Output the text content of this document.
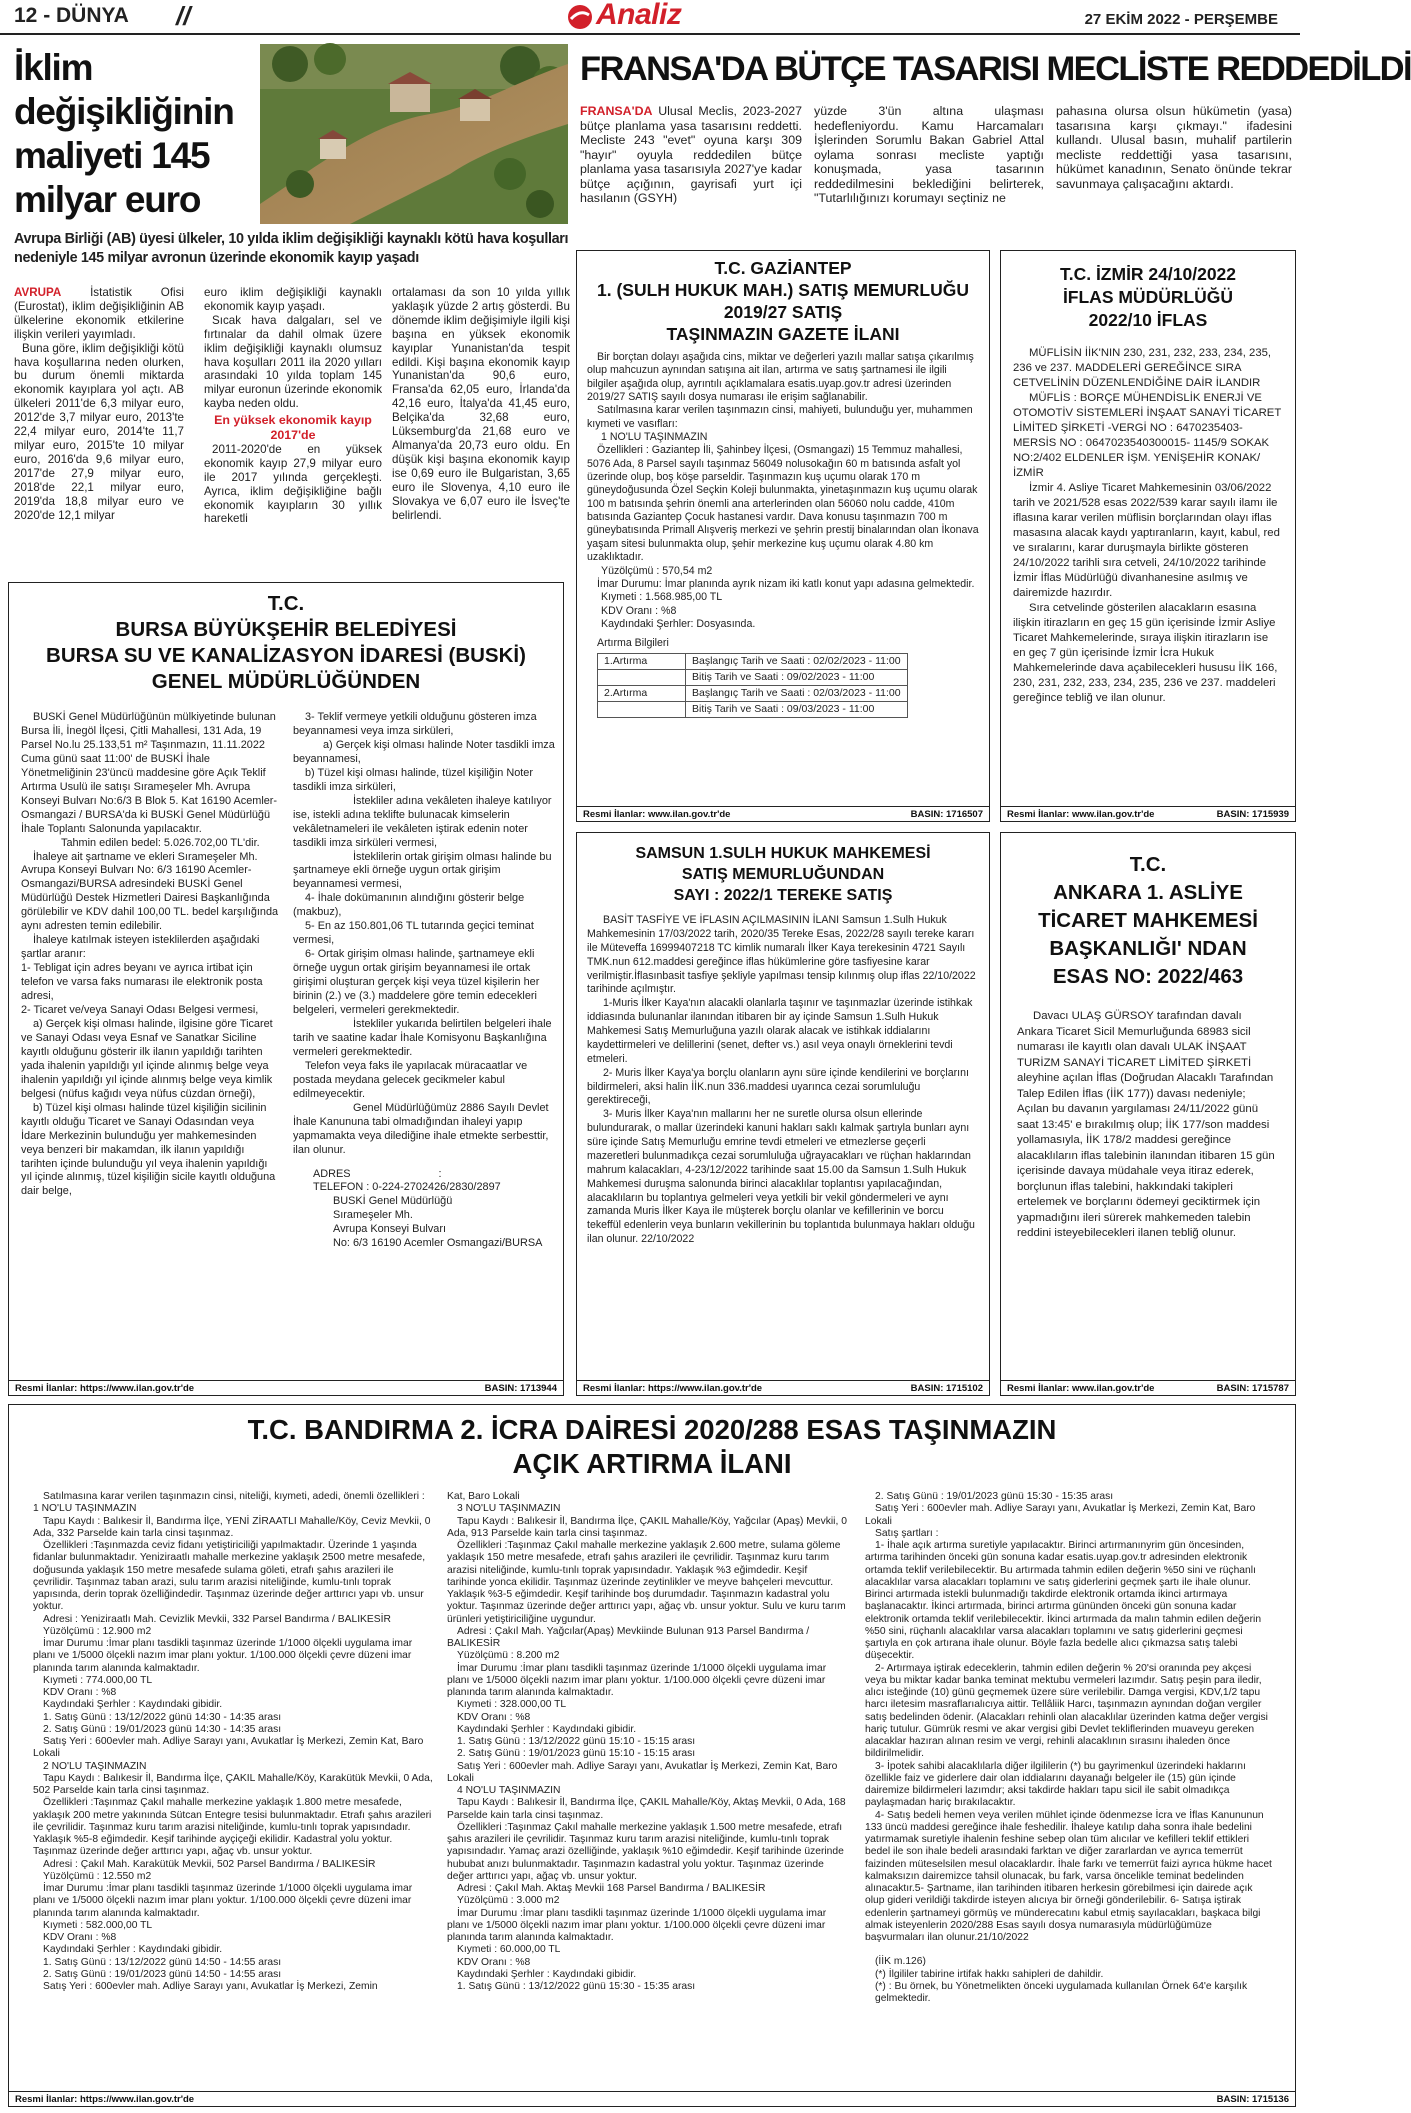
12 - DÜNYA //	Analiz	27 EKİM 2022 - PERŞEMBE
İklim değişikliğinin maliyeti 145 milyar euro
Avrupa Birliği (AB) üyesi ülkeler, 10 yılda iklim değişikliği kaynaklı kötü hava koşulları nedeniyle 145 milyar avronun üzerinde ekonomik kayıp yaşadı

AVRUPA İstatistik Ofisi (Eurostat), iklim değişikliğinin AB ülkelerine ekonomik etkilerine ilişkin verileri yayımladı.

Buna göre, iklim değişikliği kötü hava koşullarına neden olurken, bu durum önemli miktarda ekonomik kayıplara yol açtı. AB ülkeleri 2011'de 6,3 milyar euro, 2012'de 3,7 milyar euro, 2013'te 22,4 milyar euro, 2014'te 11,7 milyar euro, 2015'te 10 milyar euro, 2016'da 9,6 milyar euro, 2017'de 27,9 milyar euro, 2018'de 22,1 milyar euro, 2019'da 18,8 milyar euro ve 2020'de 12,1 milyar

euro iklim değişikliği kaynaklı ekonomik kayıp yaşadı.

Sıcak hava dalgaları, sel ve fırtınalar da dahil olmak üzere iklim değişikliği kaynaklı olumsuz hava koşulları 2011 ila 2020 yılları arasındaki 10 yılda toplam 145 milyar euronun üzerinde ekonomik kayba neden oldu.

En yüksek ekonomik kayıp 2017'de

2011-2020'de en yüksek ekonomik kayıp 27,9 milyar euro ile 2017 yılında gerçekleşti. Ayrıca, iklim değişikliğine bağlı ekonomik kayıpların 30 yıllık hareketli

ortalaması da son 10 yılda yıllık yaklaşık yüzde 2 artış gösterdi. Bu dönemde iklim değişimiyle ilgili kişi başına en yüksek ekonomik kayıplar Yunanistan'da tespit edildi. Kişi başına ekonomik kayıp Yunanistan'da 90,6 euro, Fransa'da 62,05 euro, İrlanda'da 42,16 euro, İtalya'da 41,45 euro, Belçika'da 32,68 euro, Lüksemburg'da 21,68 euro ve Almanya'da 20,73 euro oldu. En düşük kişi başına ekonomik kayıp ise 0,69 euro ile Bulgaristan, 3,65 euro ile Slovenya, 4,10 euro ile Slovakya ve 6,07 euro ile İsveç'te belirlendi.

FRANSA'DA BÜTÇE TASARISI MECLİSTE REDDEDİLDİ

FRANSA'DA Ulusal Meclis, 2023-2027 bütçe planlama yasa tasarısını reddetti. Mecliste 243 "evet" oyuna karşı 309 "hayır" oyuyla reddedilen bütçe planlama yasa tasarısıyla 2027'ye kadar bütçe açığının, gayrisafi yurt içi hasılanın (GSYH)

yüzde 3'ün altına ulaşması hedefleniyordu. Kamu Harcamaları İşlerinden Sorumlu Bakan Gabriel Attal oylama sonrası mecliste yaptığı konuşmada, yasa tasarının reddedilmesini beklediğini belirterek, "Tutarlılığınızı korumayı seçtiniz ne

pahasına olursa olsun hükümetin (yasa) tasarısına karşı çıkmayı." ifadesini kullandı. Ulusal basın, muhalif partilerin mecliste reddettiği yasa tasarısını, hükümet kanadının, Senato önünde tekrar savunmaya çalışacağını aktardı.

T.C. GAZİANTEP
1. (SULH HUKUK MAH.) SATIŞ MEMURLUĞU
2019/27 SATIŞ
TAŞINMAZIN GAZETE İLANI

Bir borçtan dolayı aşağıda cins, miktar ve değerleri yazılı mallar satışa çıkarılmış olup mahcuzun aynından satışına ait ilan, artırma ve satış şartnamesi ile ilgili bilgiler aşağıda olup, ayrıntılı açıklamalara esatis.uyap.gov.tr adresi üzerinden 2019/27 SATIŞ sayılı dosya numarası ile erişim sağlanabilir.

Satılmasına karar verilen taşınmazın cinsi, mahiyeti, bulunduğu yer, muhammen kıymeti ve vasıfları:

1 NO'LU TAŞINMAZIN

Özellikleri : Gaziantep İli, Şahinbey İlçesi, (Osmangazi) 15 Temmuz mahallesi, 5076 Ada, 8 Parsel sayılı taşınmaz 56049 nolusokağın 60 m batısında asfalt yol üzerinde olup, boş köşe parseldir. Taşınmazın kuş uçumu olarak 170 m güneydoğusunda Özel Seçkin Koleji bulunmakta, yinetaşınmazın kuş uçumu olarak 100 m batısında şehrin önemli ana arterlerinden olan 56060 nolu cadde, 410m batısında Gaziantep Çocuk hastanesi vardır. Dava konusu taşınmazın 700 m güneybatısında Primall Alışveriş merkezi ve şehrin prestij binalarından olan İkonava yaşam sitesi bulunmakta olup, şehir merkezine kuş uçumu olarak 4.80 km uzaklıktadır.

Yüzölçümü : 570,54 m2

İmar Durumu: İmar planında ayrık nizam iki katlı konut yapı adasına gelmektedir.

Kıymeti : 1.568.985,00 TL

KDV Oranı : %8

Kaydındaki Şerhler: Dosyasında.

Artırma Bilgileri

1.Artırma	Başlangıç Tarih ve Saati : 02/02/2023 - 11:00
	Bitiş Tarih ve Saati : 09/02/2023 - 11:00
2.Artırma	Başlangıç Tarih ve Saati : 02/03/2023 - 11:00
	Bitiş Tarih ve Saati : 09/03/2023 - 11:00
Resmi İlanlar: www.ilan.gov.tr'de	BASIN: 1716507
T.C. İZMİR 24/10/2022
İFLAS MÜDÜRLÜĞÜ
2022/10 İFLAS

MÜFLİSİN İİK'NIN 230, 231, 232, 233, 234, 235, 236 ve 237. MADDELERİ GEREĞİNCE SIRA CETVELİNİN DÜZENLENDİĞİNE DAİR İLANDIR

MÜFLİS : BORÇE MÜHENDİSLİK ENERJİ VE OTOMOTİV SİSTEMLERİ İNŞAAT SANAYİ TİCARET LİMİTED ŞİRKETİ -VERGİ NO : 6470235403- MERSİS NO : 0647023540300015- 1145/9 SOKAK NO:2/402 ELDENLER İŞM. YENİŞEHİR KONAK/İZMİR

İzmir 4. Asliye Ticaret Mahkemesinin 03/06/2022 tarih ve 2021/528 esas 2022/539 karar sayılı ilamı ile iflasına karar verilen müflisin borçlarından olayı iflas masasına alacak kaydı yaptıranların, kayıt, kabul, red ve sıralarını, karar duruşmayla birlikte gösteren 24/10/2022 tarihli sıra cetveli, 24/10/2022 tarihinde İzmir İflas Müdürlüğü divanhanesine asılmış ve dairemizde hazırdır.

Sıra cetvelinde gösterilen alacakların esasına ilişkin itirazların en geç 15 gün içerisinde İzmir Asliye Ticaret Mahkemelerinde, sıraya ilişkin itirazların ise en geç 7 gün içerisinde İzmir İcra Hukuk Mahkemelerinde dava açabilecekleri hususu İİK 166, 230, 231, 232, 233, 234, 235, 236 ve 237. maddeleri gereğince tebliğ ve ilan olunur.

Resmi İlanlar: www.ilan.gov.tr'de	BASIN: 1715939
T.C.
BURSA BÜYÜKŞEHİR BELEDİYESİ
BURSA SU VE KANALİZASYON İDARESİ (BUSKİ)
GENEL MÜDÜRLÜĞÜNDEN

BUSKİ Genel Müdürlüğünün mülkiyetinde bulunan Bursa İli, İnegöl İlçesi, Çitli Mahallesi, 131 Ada, 19 Parsel No.lu 25.133,51 m² Taşınmazın, 11.11.2022 Cuma günü saat 11:00' de BUSKİ İhale Yönetmeliğinin 23'üncü maddesine göre Açık Teklif Artırma Usulü ile satışı Sırameşeler Mh. Avrupa Konseyi Bulvarı No:6/3 B Blok 5. Kat 16190 Acemler-Osmangazi / BURSA'da ki BUSKİ Genel Müdürlüğü İhale Toplantı Salonunda yapılacaktır.

Tahmin edilen bedel: 5.026.702,00 TL'dir.

İhaleye ait şartname ve ekleri Sırameşeler Mh. Avrupa Konseyi Bulvarı No: 6/3 16190 Acemler-Osmangazi/BURSA adresindeki BUSKİ Genel Müdürlüğü Destek Hizmetleri Dairesi Başkanlığında görülebilir ve KDV dahil 100,00 TL. bedel karşılığında aynı adresten temin edilebilir.

İhaleye katılmak isteyen isteklilerden aşağıdaki şartlar aranır:

1- Tebligat için adres beyanı ve ayrıca irtibat için telefon ve varsa faks numarası ile elektronik posta adresi,

2- Ticaret ve/veya Sanayi Odası Belgesi vermesi,

a) Gerçek kişi olması halinde, ilgisine göre Ticaret ve Sanayi Odası veya Esnaf ve Sanatkar Siciline kayıtlı olduğunu gösterir ilk ilanın yapıldığı tarihten yada ihalenin yapıldığı yıl içinde alınmış belge veya ihalenin yapıldığı yıl içinde alınmış belge veya kimlik belgesi (nüfus kağıdı veya nüfus cüzdan örneği),

b) Tüzel kişi olması halinde tüzel kişiliğin sicilinin kayıtlı olduğu Ticaret ve Sanayi Odasından veya İdare Merkezinin bulunduğu yer mahkemesinden veya benzeri bir makamdan, ilk ilanın yapıldığı tarihten içinde bulunduğu yıl veya ihalenin yapıldığı yıl içinde alınmış, tüzel kişiliğin sicile kayıtlı olduğuna dair belge,

3- Teklif vermeye yetkili olduğunu gösteren imza beyannamesi veya imza sirküleri,

a) Gerçek kişi olması halinde Noter tasdikli imza beyannamesi,

b) Tüzel kişi olması halinde, tüzel kişiliğin Noter tasdikli imza sirküleri,

İstekliler adına vekâleten ihaleye katılıyor ise, istekli adına teklifte bulunacak kimselerin vekâletnameleri ile vekâleten iştirak edenin noter tasdikli imza sirküleri vermesi,

İsteklilerin ortak girişim olması halinde bu şartnameye ekli örneğe uygun ortak girişim beyannamesi vermesi,

4- İhale dokümanının alındığını gösterir belge (makbuz),

5- En az 150.801,06 TL tutarında geçici teminat vermesi,

6- Ortak girişim olması halinde, şartnameye ekli örneğe uygun ortak girişim beyannamesi ile ortak girişimi oluşturan gerçek kişi veya tüzel kişilerin her birinin (2.) ve (3.) maddelere göre temin edecekleri belgeleri, vermeleri gerekmektedir.

İstekliler yukarıda belirtilen belgeleri ihale tarih ve saatine kadar İhale Komisyonu Başkanlığına vermeleri gerekmektedir.

Telefon veya faks ile yapılacak müracaatlar ve postada meydana gelecek gecikmeler kabul edilmeyecektir.

Genel Müdürlüğümüz 2886 Sayılı Devlet İhale Kanununa tabi olmadığından ihaleyi yapıp yapmamakta veya dilediğine ihale etmekte serbesttir, ilan olunur.

ADRES	:
TELEFON : 0-224-2702426/2830/2897
BUSKİ Genel Müdürlüğü
Sırameşeler Mh.
Avrupa Konseyi Bulvarı
No: 6/3 16190 Acemler Osmangazi/BURSA
Resmi İlanlar: https://www.ilan.gov.tr'de	BASIN: 1713944
SAMSUN 1.SULH HUKUK MAHKEMESİ
SATIŞ MEMURLUĞUNDAN
SAYI : 2022/1 TEREKE SATIŞ

BASİT TASFİYE VE İFLASIN AÇILMASININ İLANI Samsun 1.Sulh Hukuk Mahkemesinin 17/03/2022 tarih, 2020/35 Tereke Esas, 2022/28 sayılı tereke kararı ile Müteveffa 16999407218 TC kimlik numaralı İlker Kaya terekesinin 4721 Sayılı TMK.nun 612.maddesi gereğince iflas hükümlerine göre tasfiyesine karar verilmiştir.İflasınbasit tasfiye şekliyle yapılması tensip kılınmış olup iflas 22/10/2022 tarihinde açılmıştır.

1-Muris İlker Kaya'nın alacakli olanlarla taşınır ve taşınmazlar üzerinde istihkak iddiasında bulunanlar ilanından itibaren bir ay içinde Samsun 1.Sulh Hukuk Mahkemesi Satış Memurluğuna yazılı olarak alacak ve istihkak iddialarını kaydettirmeleri ve delillerini (senet, defter vs.) asıl veya onaylı örneklerini tevdi etmeleri.

2- Muris İlker Kaya'ya borçlu olanların aynı süre içinde kendilerini ve borçlarını bildirmeleri, aksi halin İİK.nun 336.maddesi uyarınca cezai sorumluluğu gerektireceği,

3- Muris İlker Kaya'nın mallarını her ne suretle olursa olsun ellerinde bulundurarak, o mallar üzerindeki kanuni hakları saklı kalmak şartıyla bunları aynı süre içinde Satış Memurluğu emrine tevdi etmeleri ve etmezlerse geçerli mazeretleri bulunmadıkça cezai sorumluluğa uğrayacakları ve rüçhan haklarından mahrum kalacakları, 4-23/12/2022 tarihinde saat 15.00 da Samsun 1.Sulh Hukuk Mahkemesi duruşma salonunda birinci alacaklılar toplantısı yapılacağından, alacaklıların bu toplantıya gelmeleri veya yetkili bir vekil göndermeleri ve aynı zamanda Muris İlker Kaya ile müşterek borçlu olanlar ve kefillerinin ve borcu tekeffül edenlerin veya bunların vekillerinin bu toplantıda bulunmaya hakları olduğu ilan olunur. 22/10/2022

Resmi İlanlar: https://www.ilan.gov.tr'de	BASIN: 1715102
T.C.
ANKARA 1. ASLİYE TİCARET MAHKEMESİ BAŞKANLIĞI' NDAN
ESAS NO: 2022/463

Davacı ULAŞ GÜRSOY tarafından davalı Ankara Ticaret Sicil Memurluğunda 68983 sicil numarası ile kayıtlı olan davalı ULAK İNŞAAT TURİZM SANAYİ TİCARET LİMİTED ŞİRKETİ aleyhine açılan İflas (Doğrudan Alacaklı Tarafından Talep Edilen İflas (İİK 177)) davası nedeniyle; Açılan bu davanın yargılaması 24/11/2022 günü saat 13:45' e bırakılmış olup; İİK 177/son maddesi yollamasıyla, İİK 178/2 maddesi gereğince alacaklıların iflas talebinin ilanından itibaren 15 gün içerisinde davaya müdahale veya itiraz ederek, borçlunun iflas talebini, hakkındaki takipleri ertelemek ve borçlarını ödemeyi geciktirmek için yapmadığını ileri sürerek mahkemeden talebin reddini isteyebilecekleri ilanen tebliğ olunur.

Resmi İlanlar: www.ilan.gov.tr'de	BASIN: 1715787
T.C. BANDIRMA 2. İCRA DAİRESİ 2020/288 ESAS TAŞINMAZIN
AÇIK ARTIRMA İLANI

Satılmasına karar verilen taşınmazın cinsi, niteliği, kıymeti, adedi, önemli özellikleri : 1 NO'LU TAŞINMAZIN

Tapu Kaydı : Balıkesir İl, Bandırma İlçe, YENİ ZİRAATLI Mahalle/Köy, Ceviz Mevkii, 0 Ada, 332 Parselde kain tarla cinsi taşınmaz.

Özellikleri :Taşınmazda ceviz fidanı yetiştiriciliği yapılmaktadır. Üzerinde 1 yaşında fidanlar bulunmaktadır. Yeniziraatlı mahalle merkezine yaklaşık 2500 metre mesafede, doğusunda yaklaşık 150 metre mesafede sulama göleti, etrafı şahıs arazileri ile çevrilidir. Taşınmaz taban arazi, sulu tarım arazisi niteliğinde, kumlu-tınlı toprak yapısında, derin toprak özelliğindedir. Taşınmaz üzerinde değer arttırıcı yapı vb. unsur yoktur.

Adresi : Yeniziraatlı Mah. Cevizlik Mevkii, 332 Parsel Bandırma / BALIKESİR

Yüzölçümü : 12.900 m2

İmar Durumu :İmar planı tasdikli taşınmaz üzerinde 1/1000 ölçekli uygulama imar planı ve 1/5000 ölçekli nazım imar planı yoktur. 1/100.000 ölçekli çevre düzeni imar planında tarım alanında kalmaktadır.

Kıymeti : 774.000,00 TL

KDV Oranı : %8

Kaydındaki Şerhler : Kaydındaki gibidir.

1. Satış Günü : 13/12/2022 günü 14:30 - 14:35 arası

2. Satış Günü : 19/01/2023 günü 14:30 - 14:35 arası

Satış Yeri : 600evler mah. Adliye Sarayı yanı, Avukatlar İş Merkezi, Zemin Kat, Baro Lokali

2 NO'LU TAŞINMAZIN

Tapu Kaydı : Balıkesir İl, Bandırma İlçe, ÇAKIL Mahalle/Köy, Karakütük Mevkii, 0 Ada, 502 Parselde kain tarla cinsi taşınmaz.

Özellikleri :Taşınmaz Çakıl mahalle merkezine yaklaşık 1.800 metre mesafede, yaklaşık 200 metre yakınında Sütcan Entegre tesisi bulunmaktadır. Etrafı şahıs arazileri ile çevrilidir. Taşınmaz kuru tarım arazisi niteliğinde, kumlu-tınlı toprak yapısındadır. Yaklaşık %5-8 eğimdedir. Keşif tarihinde ayçiçeği ekilidir. Kadastral yolu yoktur. Taşınmaz üzerinde değer arttırıcı yapı, ağaç vb. unsur yoktur.

Adresi : Çakıl Mah. Karakütük Mevkii, 502 Parsel Bandırma / BALIKESİR

Yüzölçümü : 12.550 m2

İmar Durumu :İmar planı tasdikli taşınmaz üzerinde 1/1000 ölçekli uygulama imar planı ve 1/5000 ölçekli nazım imar planı yoktur. 1/100.000 ölçekli çevre düzeni imar planında tarım alanında kalmaktadır.

Kıymeti : 582.000,00 TL

KDV Oranı : %8

Kaydındaki Şerhler : Kaydındaki gibidir.

1. Satış Günü : 13/12/2022 günü 14:50 - 14:55 arası

2. Satış Günü : 19/01/2023 günü 14:50 - 14:55 arası

Satış Yeri : 600evler mah. Adliye Sarayı yanı, Avukatlar İş Merkezi, Zemin

Kat, Baro Lokali

3 NO'LU TAŞINMAZIN

Tapu Kaydı : Balıkesir İl, Bandırma İlçe, ÇAKIL Mahalle/Köy, Yağcılar (Apaş) Mevkii, 0 Ada, 913 Parselde kain tarla cinsi taşınmaz.

Özellikleri :Taşınmaz Çakıl mahalle merkezine yaklaşık 2.600 metre, sulama göleme yaklaşık 150 metre mesafede, etrafı şahıs arazileri ile çevrilidir. Taşınmaz kuru tarım arazisi niteliğinde, kumlu-tınlı toprak yapısındadır. Yaklaşık %3 eğimdedir. Keşif tarihinde yonca ekilidir. Taşınmaz üzerinde zeytinlikler ve meyve bahçeleri mevcuttur. Yaklaşık %3-5 eğimdedir. Keşif tarihinde boş durumdadır. Taşınmazın kadastral yolu yoktur. Taşınmaz üzerinde değer arttırıcı yapı, ağaç vb. unsur yoktur. Sulu ve kuru tarım ürünleri yetiştiriciliğine uygundur.

Adresi : Çakıl Mah. Yağcılar(Apaş) Mevkiinde Bulunan 913 Parsel Bandırma / BALIKESİR

Yüzölçümü : 8.200 m2

İmar Durumu :İmar planı tasdikli taşınmaz üzerinde 1/1000 ölçekli uygulama imar planı ve 1/5000 ölçekli nazım imar planı yoktur. 1/100.000 ölçekli çevre düzeni imar planında tarım alanında kalmaktadır.

Kıymeti : 328.000,00 TL

KDV Oranı : %8

Kaydındaki Şerhler : Kaydındaki gibidir.

1. Satış Günü : 13/12/2022 günü 15:10 - 15:15 arası

2. Satış Günü : 19/01/2023 günü 15:10 - 15:15 arası

Satış Yeri : 600evler mah. Adliye Sarayı yanı, Avukatlar İş Merkezi, Zemin Kat, Baro Lokali

4 NO'LU TAŞINMAZIN

Tapu Kaydı : Balıkesir İl, Bandırma İlçe, ÇAKIL Mahalle/Köy, Aktaş Mevkii, 0 Ada, 168 Parselde kain tarla cinsi taşınmaz.

Özellikleri :Taşınmaz Çakıl mahalle merkezine yaklaşık 1.500 metre mesafede, etrafı şahıs arazileri ile çevrilidir. Taşınmaz kuru tarım arazisi niteliğinde, kumlu-tınlı toprak yapısındadır. Yamaç arazi özelliğinde, yaklaşık %10 eğimdedir. Keşif tarihinde üzerinde hububat anızı bulunmaktadır. Taşınmazın kadastral yolu yoktur. Taşınmaz üzerinde değer arttırıcı yapı, ağaç vb. unsur yoktur.

Adresi : Çakıl Mah. Aktaş Mevkii 168 Parsel Bandırma / BALIKESİR

Yüzölçümü : 3.000 m2

İmar Durumu :İmar planı tasdikli taşınmaz üzerinde 1/1000 ölçekli uygulama imar planı ve 1/5000 ölçekli nazım imar planı yoktur. 1/100.000 ölçekli çevre düzeni imar planında tarım alanında kalmaktadır.

Kıymeti : 60.000,00 TL

KDV Oranı : %8

Kaydındaki Şerhler : Kaydındaki gibidir.

1. Satış Günü : 13/12/2022 günü 15:30 - 15:35 arası

2. Satış Günü : 19/01/2023 günü 15:30 - 15:35 arası

Satış Yeri : 600evler mah. Adliye Sarayı yanı, Avukatlar İş Merkezi, Zemin Kat, Baro Lokali

Satış şartları :

1- İhale açık artırma suretiyle yapılacaktır. Birinci artırmanınyrim gün öncesinden, artırma tarihinden önceki gün sonuna kadar esatis.uyap.gov.tr adresinden elektronik ortamda teklif verilebilecektir. Bu artırmada tahmin edilen değerin %50 sini ve rüçhanlı alacaklılar varsa alacakları toplamını ve satış giderlerini geçmek şartı ile ihale olunur. Birinci artırmada istekli bulunmadığı takdirde elektronik ortamda ikinci artırmaya başlanacaktır. İkinci artırmada, birinci artırma gününden önceki gün sonuna kadar elektronik ortamda teklif verilebilecektir. İkinci artırmada da malın tahmin edilen değerin %50 sini, rüçhanlı alacaklılar varsa alacakları toplamını ve satış giderlerini geçmesi şartıyla en çok artırana ihale olunur. Böyle fazla bedelle alıcı çıkmazsa satış talebi düşecektir.

2- Artırmaya iştirak edeceklerin, tahmin edilen değerin % 20'si oranında pey akçesi veya bu miktar kadar banka teminat mektubu vermeleri lazımdır. Satış peşin para iledir, alıcı isteğinde (10) günü geçmemek üzere süre verilebilir. Damga vergisi, KDV,1/2 tapu harcı iletesim masraflarıalıcıya aittir. Tellâliik Harcı, taşınmazın aynından doğan vergiler satış bedelinden ödenir. (Alacakları rehinli olan alacaklılar üzerinden katma değer vergisi hariç tutulur. Gümrük resmi ve akar vergisi gibi Devlet tekliflerinden muaveyu gereken alacaklar hazıran alınan resim ve vergi, rehinli alacaklının sırasını ihaleden önce bildirilmelidir.

3- İpotek sahibi alacaklılarla diğer ilgililerin (*) bu gayrimenkul üzerindeki haklarını özellikle faiz ve giderlere dair olan iddialarını dayanağı belgeler ile (15) gün içinde dairemize bildirmeleri lazımdır; aksi takdirde hakları tapu sicil ile sabit olmadıkça paylaşmadan hariç bırakılacaktır.

4- Satış bedeli hemen veya verilen mühlet içinde ödenmezse İcra ve İflas Kanununun 133 üncü maddesi gereğince ihale feshedilir. İhaleye katılıp daha sonra ihale bedelini yatırmamak suretiyle ihalenin feshine sebep olan tüm alıcılar ve kefilleri teklif ettikleri bedel ile son ihale bedeli arasındaki farktan ve diğer zararlardan ve ayrıca temerrüt faizinden müteselsilen mesul olacaklardır. İhale farkı ve temerrüt faizi ayrıca hükme hacet kalmaksızın dairemizce tahsil olunacak, bu fark, varsa öncelikle teminat bedelinden alınacaktır.5- Şartname, ilan tarihinden itibaren herkesin görebilmesi için dairede açık olup gideri verildiği takdirde isteyen alıcıya bir örneği gönderilebilir. 6- Satışa iştirak edenlerin şartnameyi görmüş ve münderecatını kabul etmiş sayılacakları, başkaca bilgi almak isteyenlerin 2020/288 Esas sayılı dosya numarasıyla müdürlüğümüze başvurmaları ilan olunur.21/10/2022

(İİK m.126)

(*) İlgililer tabirine irtifak hakkı sahipleri de dahildir.

(*) : Bu örnek, bu Yönetmelikten önceki uygulamada kullanılan Örnek 64'e karşılık gelmektedir.

Resmi İlanlar: https://www.ilan.gov.tr'de	BASIN: 1715136
